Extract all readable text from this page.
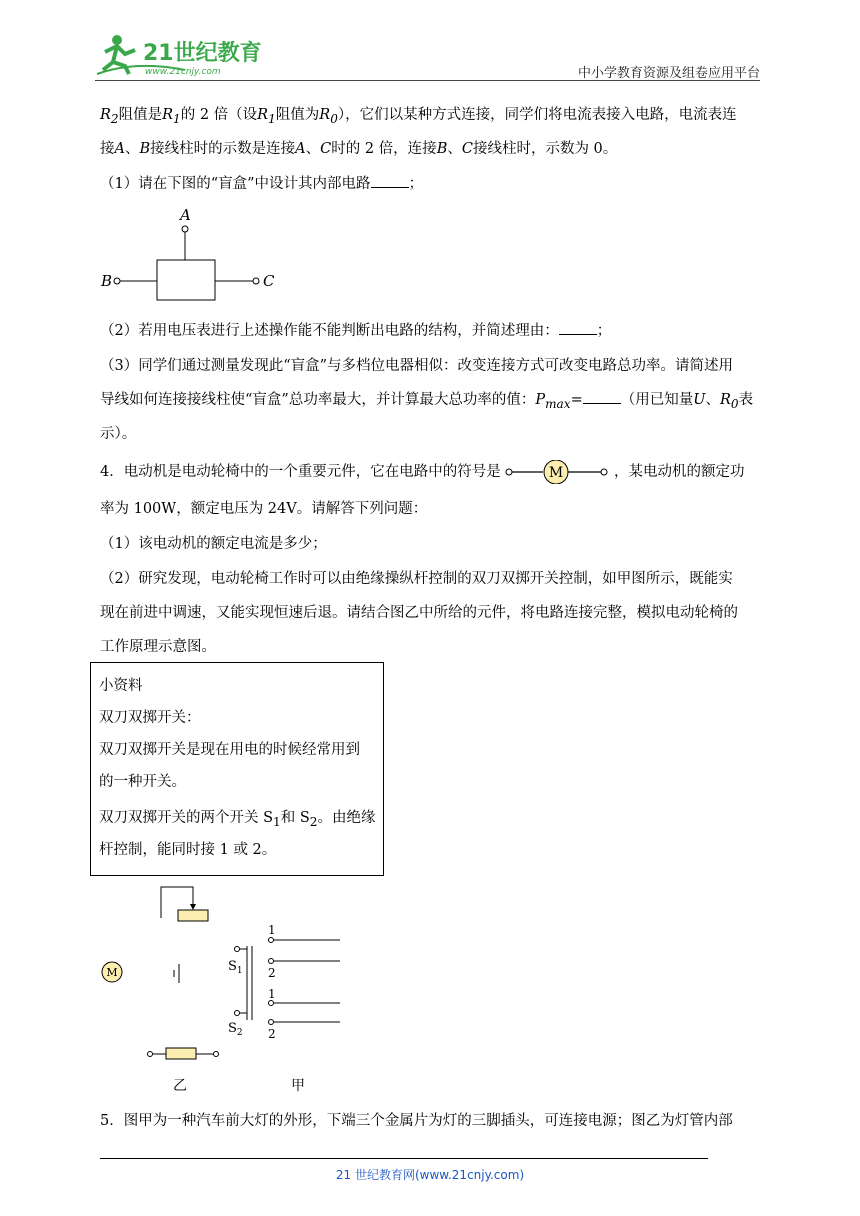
21世纪教育
www.21cnjy.com	中小学教育资源及组卷应用平台
$R_2$阻值是$R_1$的 2 倍（设$R_1$阻值为$R_0$），它们以某种方式连接，同学们将电流表接入电路，电流表连
接A、B接线柱时的示数是连接A、C时的 2 倍，连接B、C接线柱时，示数为 0。
（1）请在下图的“盲盒”中设计其内部电路	；
A
B	C
（2）若用电压表进行上述操作能不能判断出电路的结构，并简述理由：	；
（3）同学们通过测量发现此“盲盒”与多档位电器相似：改变连接方式可改变电路总功率。请简述用
导线如何连接接线柱使“盲盒”总功率最大，并计算最大总功率的值：$P_{max}=$	（用已知量U、$R_0$表
示）。
4．电动机是电动轮椅中的一个重要元件，它在电路中的符号是	M	，某电动机的额定功
率为 100W，额定电压为 24V。请解答下列问题：
（1）该电动机的额定电流是多少；
（2）研究发现，电动轮椅工作时可以由绝缘操纵杆控制的双刀双掷开关控制，如甲图所示，既能实
现在前进中调速，又能实现恒速后退。请结合图乙中所给的元件，将电路连接完整，模拟电动轮椅的
工作原理示意图。
小资料
双刀双掷开关：
双刀双掷开关是现在用电的时候经常用到
的一种开关。
双刀双掷开关的两个开关 $S_1$和 $S_2$。由绝缘
杆控制，能同时接 1 或 2。
M	$S_1$
$S_2$
1
2
1
2
乙	甲
5．图甲为一种汽车前大灯的外形，下端三个金属片为灯的三脚插头，可连接电源；图乙为灯管内部
21 世纪教育网(www.21cnjy.com)
